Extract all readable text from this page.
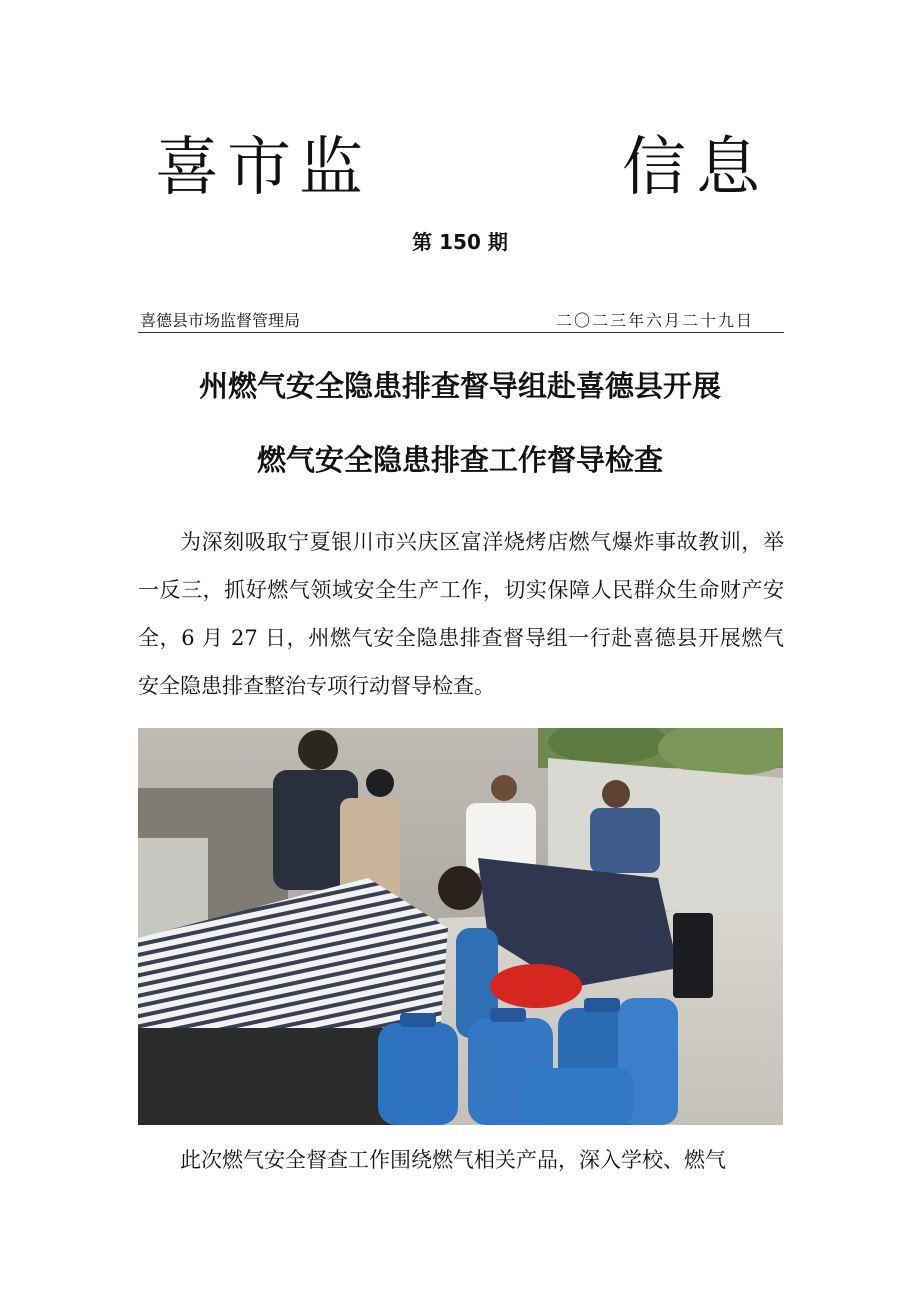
喜市监	信息
第 150 期
喜德县市场监督管理局	二〇二三年六月二十九日
州燃气安全隐患排查督导组赴喜德县开展
燃气安全隐患排查工作督导检查

为深刻吸取宁夏银川市兴庆区富洋烧烤店燃气爆炸事故教训，举一反三，抓好燃气领域安全生产工作，切实保障人民群众生命财产安全，6 月 27 日，州燃气安全隐患排查督导组一行赴喜德县开展燃气安全隐患排查整治专项行动督导检查。

此次燃气安全督查工作围绕燃气相关产品，深入学校、燃气
